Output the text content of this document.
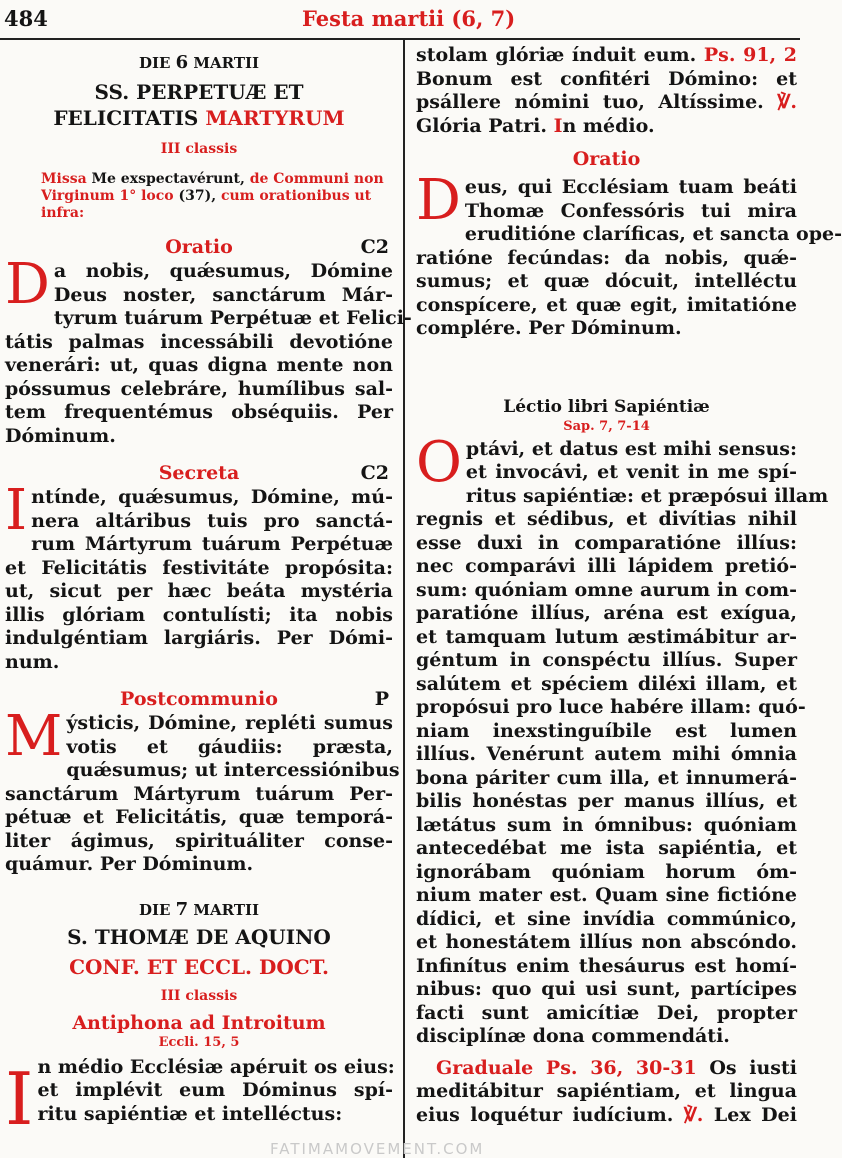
484	Festa martii (6, 7)

DIE 6 MARTII

SS. PERPETUÆ ET
FELICITATIS MARTYRUM

III classis

Missa Me exspectavérunt, de Communi non Virginum 1° loco (37), cum orationibus ut infra:

Oratio	C2
D a nobis, quǽsumus, Dómine
Deus noster, sanctárum Már-
tyrum tuárum Perpétuæ et Felici-
tátis palmas incessábili devotióne
venerári: ut, quas digna mente non
póssumus celebráre, humílibus sal-
tem frequentémus obséquiis. Per
Dóminum.
Secreta	C2
I ntɩ́nde, quǽsumus, Dómine, mú-
nera altáribus tuis pro sanctá-
rum Mártyrum tuárum Perpétuæ
et Felicitátis festivitáte propósita:
ut, sicut per hæc beáta mystéria
illis glóriam contulísti; ita nobis
indulgéntiam largiáris. Per Dómi-
num.
Postcommunio	P
M ýsticis, Dómine, repléti sumus
votis et gáudiis: præsta,
quǽsumus; ut intercessiónibus
sanctárum Mártyrum tuárum Per-
pétuæ et Felicitátis, quæ temporá-
liter ágimus, spirituáliter conse-
quámur. Per Dóminum.

DIE 7 MARTII

S. THOMÆ DE AQUINO

CONF. ET ECCL. DOCT.

III classis

Antiphona ad Introitum

Eccli. 15, 5

I n médio Ecclésiæ apéruit os eius:
et implévit eum Dóminus spí-
ritu sapiéntiæ et intelléctus:
stolam glóriæ índuit eum. Ps. 91, 2
Bonum est confitéri Dómino: et
psállere nómini tuo, Altíssime. ℣.
Glória Patri. In médio.
Oratio
D eus, qui Ecclésiam tuam beáti
Thomæ Confessóris tui mira
eruditióne claríficas, et sancta ope-
ratióne fecúndas: da nobis, quǽ-
sumus; et quæ dócuit, intelléctu
conspícere, et quæ egit, imitatióne
complére. Per Dóminum.

Léctio libri Sapiéntiæ

Sap. 7, 7-14

O ptávi, et datus est mihi sensus:
et invocávi, et venit in me spí-
ritus sapiéntiæ: et præpósui illam
regnis et sédibus, et divítias nihil
esse duxi in comparatióne illíus:
nec comparávi illi lápidem pretió-
sum: quóniam omne aurum in com-
paratióne illíus, aréna est exígua,
et tamquam lutum æstimábitur ar-
géntum in conspéctu illíus. Super
salútem et spéciem diléxi illam, et
propósui pro luce habére illam: quó-
niam inexstinguíbile est lumen
illíus. Venérunt autem mihi ómnia
bona páriter cum illa, et innumerá-
bilis honéstas per manus illíus, et
lætátus sum in ómnibus: quóniam
antecedébat me ista sapiéntia, et
ignorábam quóniam horum óm-
nium mater est. Quam sine fictióne
dídici, et sine invídia commúnico,
et honestátem illíus non abscóndo.
Infinítus enim thesáurus est homí-
nibus: quo qui usi sunt, partícipes
facti sunt amicítiæ Dei, propter
disciplínæ dona commendáti.
Graduale Ps. 36, 30-31 Os iusti
meditábitur sapiéntiam, et lingua
eius loquétur iudícium. ℣. Lex Dei
FATIMAMOVEMENT.COM
